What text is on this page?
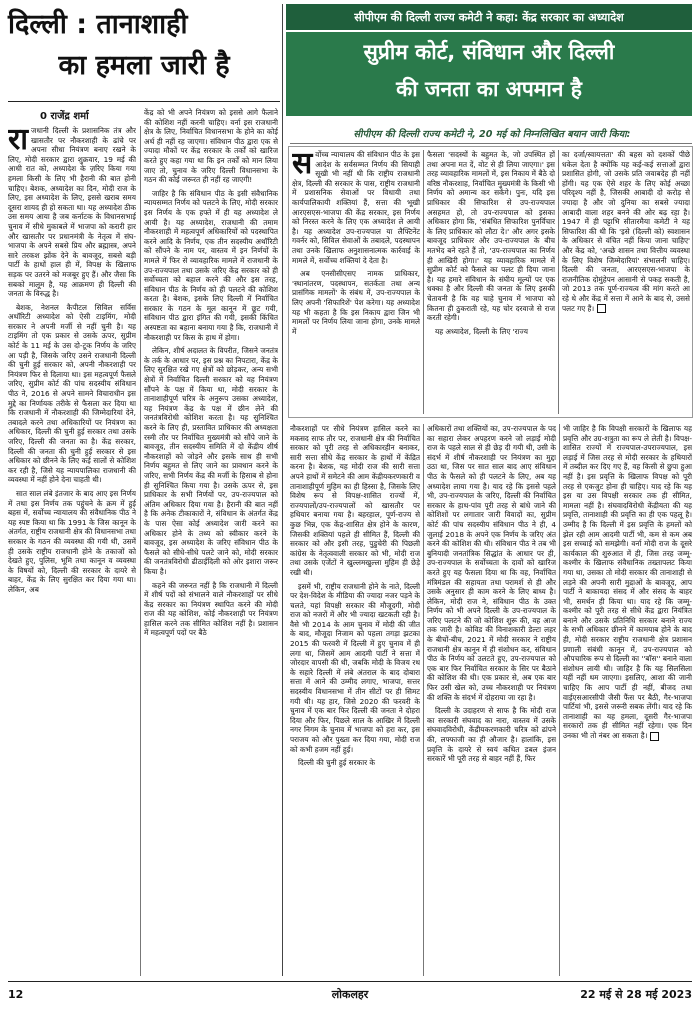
दिल्ली : तानाशाही
का हमला जारी है
सीपीएम की दिल्ली राज्य कमेटी ने कहा: केंद्र सरकार का अध्यादेश
सुप्रीम कोर्ट, संविधान और दिल्ली
की जनता का अपमान है
सीपीएम की दिल्ली राज्य कमेटी ने, 20 मई को निम्नलिखित बयान जारी किया:
0 राजेंद्र शर्मा

राजधानी दिल्ली के प्रशासनिक तंत्र और खासतौर पर नौकरशाही के ढांचे पर अपना सीधा नियंत्रण बनाए रखने के लिए, मोदी सरकार द्वारा शुक्रवार, 19 मई की आधी रात को, अध्यादेश के ज़रिए किया गया हमला किसी के लिए भी हैरानी की बात होनी चाहिए। बेशक, अध्यादेश का दिन, मोदी राज के लिए, इस अध्यादेश के लिए, इससे खराब समय दूसरा शायद ही हो सकता था। यह अध्यादेश ठीक उस समय आया है जब कर्नाटक के विधानसभाई चुनाव में सीधे मुकाबले में भाजपा को करारी हार और खासतौर पर प्रधानमंत्री के नेतृत्व में संघ-भाजपा के अपने सबसे प्रिय और ब्रह्मास्त्र, अपने सारे तरकश झोंक देने के बावजूद, सबसे बड़ी पार्टी के हाथों हाल ही में, विपक्ष के खिलाफ सड़क पर उतरने को मजबूर हुए हैं। और जैसा कि सबको मालूम है, यह आक्रमण ही दिल्ली की जनता के विरुद्ध है।

बेशक, नेशनल कैपीटल सिविल सर्विस अथॉरिटी अध्यादेश को ऐसी टाइमिंग, मोदी सरकार ने अपनी मर्जी से नहीं चुनी है। यह टाइमिंग तो एक प्रकार से उसके ऊपर, सुप्रीम कोर्ट के 11 मई के उस दो-टूक निर्णय के जरिए आ पड़ी है, जिसके जरिए उसने राजधानी दिल्ली की चुनी हुई सरकार को, अपनी नौकरशाही पर नियंत्रण फिर से दिलाया था। इस महत्वपूर्ण फैसले जरिए, सुप्रीम कोर्ट की पांच सदस्यीय संविधान पीठ ने, 2016 से अपने सामने विचाराधीन इस मुद्दे का निर्णायक तरीके से फैसला कर दिया था कि राजधानी में नौकरशाही की जिम्मेदारियां देने, तबादले करने तथा अधिकारियों पर नियंत्रण का अधिकार, दिल्ली की चुनी हुई सरकार तथा उसके जरिए, दिल्ली की जनता का है। केंद्र सरकार, दिल्ली की जनता की चुनी हुई सरकार से इस अधिकार को छीनने के लिए कई सालों से कोशिश कर रही है, जिसे यह न्यायपालिका राजधानी की व्यवस्था में नहीं होने देना चाहती थी।

सात साल लंबे इंतजार के बाद आए इस निर्णय में तथा इस निर्णय तक पहुंचने के क्रम में हुई बहस में, सर्वोच्च न्यायालय की संवैधानिक पीठ ने यह स्पष्ट किया था कि 1991 के जिस कानून के अंतर्गत, राष्ट्रीय राजधानी क्षेत्र की विधानसभा तथा सरकार के गठन की व्यवस्था की गयी थी, उसमें ही उसके राष्ट्रीय राजधानी होने के तकाजों को देखते हुए, पुलिस, भूमि तथा कानून व व्यवस्था के विषयों को, दिल्ली की सरकार के दायरे से बाहर, केंद्र के लिए सुरक्षित कर दिया गया था। लेकिन, अब

केंद्र को भी अपने नियंत्रण को इससे आगे फैलाने की कोशिश नहीं करनी चाहिए। वर्ना इस राजधानी क्षेत्र के लिए, निर्वाचित विधानसभा के होने का कोई अर्थ ही नहीं रह जाएगा। संविधान पीठ द्वारा एक से ज्यादा मौकों पर केंद्र सरकार के तर्कों को खारिज करते हुए कहा गया था कि इन तर्कों को मान लिया जाए तो, चुनाव के जरिए दिल्ली विधानसभा के गठन की कोई जरूरत ही नहीं रह जाएगी!

जाहिर है कि संविधान पीठ के इसी संवैधानिक न्यायसम्मत निर्णय को पलटने के लिए, मोदी सरकार इस निर्णय के एक हफ्ते में ही यह अध्यादेश ले आयी है। यह अध्यादेश, राजधानी की तमाम नौकरशाही में महत्वपूर्ण अधिकारियों को पदस्थापित करने आदि के निर्णय, एक तीन सदस्यीय अथॉरिटी को सौंपने के नाम पर, वास्तव में इन निर्णयों के मामले में फिर से व्यावहारिक मामले में राजधानी के उप-राज्यपाल तथा उसके जरिए केंद्र सरकार को ही सर्वोच्चता को बहाल करने की और इस तरह, संविधान पीठ के निर्णय को ही पलटने की कोशिश करता है। बेशक, इसके लिए दिल्ली में निर्वाचित सरकार के गठन के मूल कानून में छूट गयी, संविधान पीठ द्वारा इंगित की गयी, इसकी किंचित अस्पष्टता का बहाना बनाया गया है कि, राजधानी में नौकरशाही पर किस के हाथ में होगा।

लेकिन, शीर्ष अदालत के विपरीत, जिसने जनतंत्र के तर्क के आधार पर, इस प्रश्न का निपटारा, केंद्र के लिए सुरक्षित रखे गए क्षेत्रों को छोड़कर, अन्य सभी क्षेत्रों में निर्वाचित दिल्ली सरकार को यह नियंत्रण सौंपने के पक्ष में किया था, मोदी सरकार के तानाशाहीपूर्ण चरित्र के अनुरूप उसका अध्यादेश, यह नियंत्रण केंद्र के पक्ष में छीन लेने की जनतंत्रविरोधी कोशिश करता है। यह सुनिश्चित करने के लिए ही, प्रस्तावित प्राधिकार की अध्यक्षता रस्मी तौर पर निर्वाचित मुख्यमंत्री को सौंपे जाने के बावजूद, तीन सदस्यीय समिति में दो केंद्रीय शीर्ष नौकरशाहों को जोड़ने और इसके साथ ही सभी निर्णय बहुमत से लिए जाने का प्रावधान करने के जरिए, सभी निर्णय केंद्र की मर्जी के हिसाब से होना ही सुनिश्चित किया गया है। उसके ऊपर से, इस प्राधिकार के सभी निर्णयों पर, उप-राज्यपाल को अंतिम अधिकार दिया गया है। हैरानी की बात नहीं है कि अनेक टीकाकारों ने, संविधान के अंतर्गत केंद्र के पास ऐसा कोई अध्यादेश जारी करने का अधिकार होने के तथ्य को स्वीकार करने के बावजूद, इस अध्यादेश के जरिए संविधान पीठ के फैसले को सीधे-सीधे पलटे जाने को, मोदी सरकार की जनतंत्रविरोधी ढीठाईदिली को ओर इशारा जरूर किया है।

कहने की जरूरत नहीं है कि राजधानी में दिल्ली में शीर्ष पदों को संभालने वाले नौकरशाहों पर सीधे केंद्र सरकार का नियंत्रण स्थापित करने की मोदी राज की यह कोशिश, कोई नौकरशाही पर नियंत्रण हासिल करने तक सीमित कोशिश नहीं है। प्रशासन में महत्वपूर्ण पदों पर बैठे

सर्वोच्च न्यायालय की संविधान पीठ के इस आदेश के सर्वसम्मत निर्णय की सियाही सूखी भी नहीं थी कि राष्ट्रीय राजधानी क्षेत्र, दिल्ली की सरकार के पास, राष्ट्रीय राजधानी में प्रशासनिक सेवाओं पर विधायी तथा कार्यपालिकायी शक्तियां हैं, सत्ता की भूखी आरएसएस-भाजपा की केंद्र सरकार, इस निर्णय को निरस्त करने के लिए एक अध्यादेश ले आयी है। यह अध्यादेश उप-राज्यपाल या लैफ्टिनेंट गवर्नर को, सिविल सेवाओं के तबादले, पदस्थापन तथा उनके खिलाफ अनुशासनात्मक कार्रवाई के मामले में, सर्वोच्च शक्तियां दे देता है।

अब एनसीसीएसए नामक प्राधिकार, 'स्थानांतरण, पदस्थापन, सतर्कता तथा अन्य प्रासंगिक मामलों' के संबंध में, उप-राज्यपाल के लिए अपनी 'सिफारिशें' पेश करेगा। यह अध्यादेश यह भी कहता है कि इस निकाय द्वारा जिन भी मामलों पर निर्णय लिया जाना होगा, उनके मामले में

फैसला 'सदस्यों के बहुमत के, जो उपस्थित हों तथा अपना मत दें, वोट से ही लिया जाएगा।' इस तरह व्यावहारिक मामलों में, इस निकाय में बैठे दो वरिष्ठ नौकरशाह, निर्वाचित मुख्यमंत्री के किसी भी निर्णय को अमान्य कर सकेंगे। पुनः, यदि इस प्राधिकार की सिफारिश से उप-राज्यपाल असहमत हो, तो उप-राज्यपाल को इसका अधिकार होगा कि, 'संबंधित सिफारिश पुनर्विचार के लिए प्राधिकार को लौटा दे।' और अगर इसके बावजूद प्राधिकार और उप-राज्यपाल के बीच मतभेद बने रहते हैं तो, 'उप-राज्यपाल का निर्णय ही आखिरी होगा।' यह व्यावहारिक मामले में सुप्रीम कोर्ट को फैसले का पलट ही दिया जाना है। यह हमारे संविधान के संघीय मूल्यों पर एक धक्का है और दिल्ली की जनता के लिए इसकी चेतावनी है कि वह चाहे चुनाव में भाजपा को कितना ही ठुकराती रहे, यह चोर दरवाजे से राज करती रहेगी।

यह अध्यादेश, दिल्ली के लिए 'राज्य

का दर्जा/स्वायत्तता' की बहस को दशकों पीछे धकेल देता है क्योंकि यह कई-कई सत्ताओं द्वारा प्रशासित होगी, जो उसके प्रति जवाबदेह ही नहीं होंगी। यह एक ऐसे शहर के लिए कोई अच्छा परिदृश्य नहीं है, जिसकी आबादी दो करोड़ से ज्यादा है और जो दुनिया का सबसे ज्यादा आबादी वाला शहर बनने की ओर बढ़ रहा है। 1947 में ही पट्टाभि सीतारमैया कमेटी ने यह सिफारिश की थी कि 'इसे (दिल्ली को) स्वशासन के अधिकार से वंचित नहीं किया जाना चाहिए' और केंद्र को, 'अच्छे शासन तथा वित्तीय व्यवस्था के लिए विशेष जिम्मेदारियां' संभालनी चाहिए। दिल्ली की जनता, आरएसएस-भाजपा के राजनीतिक दोमुंहेपन आसानी से पकड़ सकती है, जो 2013 तक पूर्ण-राज्यत्व की मांग करते आ रहे थे और केंद्र में सत्ता में आने के बाद से, उससे पलट गए हैं।

नौकरशाहों पर सीधे नियंत्रण हासिल करने का मकसद साफ तौर पर, राजधानी क्षेत्र की निर्वाचित सरकार को पूरी तरह से अधिकारहीन बनाकर, सारी सत्ता सीधे केंद्र सरकार के हाथों में केंद्रित करना है। बेशक, यह मोदी राज की सारी सत्ता अपने हाथों में समेटने की आम केंद्रीयकरणकारी व तानाशाहीपूर्ण मुहिम का ही हिस्सा है, जिसके लिए विशेष रूप से विपक्ष-शासित राज्यों में, राज्यपालों/उप-राज्यपालों को खासतौर पर हथियार बनाया गया है। बहरहाल, पूर्ण-राज्य से कुछ भिन्न, एक केंद्र-शासित क्षेत्र होने के कारण, जिसकी शक्तियां पहले ही सीमित हैं, दिल्ली की सरकार को और इसी तरह, पुडुचेरी की पिछली कांग्रेस के नेतृत्ववाली सरकार को भी, मोदी राज तथा उसके एजेंटों ने खुल्लमखुल्ला मुहिम ही छेड़े रखी थी।

इसमें भी, राष्ट्रीय राजधानी होने के नाते, दिल्ली पर देश-विदेश के मीडिया की ज्यादा नजर पड़ने के चलते, यहां विपक्षी सरकार की मौजूदगी, मोदी राज को नजरों में और भी ज्यादा खटकती रही है। वैसे भी 2014 के आम चुनाव में मोदी की जीत के बाद, मौजूदा निजाम को पहला तगड़ा झटका 2015 की फरवरी में दिल्ली में हुए चुनाव में ही लगा था, जिसमें आम आदमी पार्टी ने सत्ता में जोरदार वापसी की थी, जबकि मोदी के विजय रथ के सहारे दिल्ली में लंबे अंतराल के बाद दोबारा सत्ता में आने की उम्मीद लगाए, भाजपा, सत्तर सदस्यीय विधानसभा में तीन सीटों पर ही सिमट गयी थी। यह हार, जिसे 2020 की फरवरी के चुनाव में एक बार फिर दिल्ली की जनता ने दोहरा दिया और फिर, पिछले साल के आखिर में दिल्ली नगर निगम के चुनाव में भाजपा को हरा कर, इस पराजय को और पुख्ता कर दिया गया, मोदी राज को कभी हजम नहीं हुई।

दिल्ली की चुनी हुई सरकार के

अधिकारों तथा शक्तियों का, उप-राज्यपाल के पद का सहारा लेकर अपहरण करने जो लड़ाई मोदी राज के पहले साल से ही छेड़ दी गयी थी, उसी के संदर्भ में शीर्ष नौकरशाही पर नियंत्रण का मुद्दा उठा था, जिस पर सात साल बाद आए संविधान पीठ के फैसले को ही पलटने के लिए, अब यह अध्यादेश लाया गया है। याद रहे कि इससे पहले भी, उप-राज्यपाल के जरिए, दिल्ली की निर्वाचित सरकार के हाथ-पांव पूरी तरह से बांधे जाने की कोशिशों पर लगातार जारी विवादों का, सुप्रीम कोर्ट की पांच सदस्यीय संविधान पीठ ने ही, 4 जुलाई 2018 के अपने एक निर्णय के जरिए अंत करने की कोशिश की थी। संविधान पीठ ने तब भी बुनियादी जनतांत्रिक सिद्धांत के आधार पर ही, उप-राज्यपाल के सर्वोच्चता के दावों को खारिज करते हुए यह फैसला दिया था कि वह, निर्वाचित मंत्रिमंडल की सहायता तथा परामर्श से ही और उसके अनुसार ही काम करने के लिए बाध्य है। लेकिन, मोदी राज ने, संविधान पीठ के उक्त निर्णय को भी अपने दिल्ली के उप-राज्यपाल के जरिए पलटने की जो कोशिश शुरू की, वह आज तक जारी है। कोविड की विनाशकारी डेल्टा लहर के बीचों-बीच, 2021 में मोदी सरकार ने राष्ट्रीय राजधानी क्षेत्र कानून में ही संशोधन कर, संविधान पीठ के निर्णय को उलटते हुए, उप-राज्यपाल को एक बार फिर निर्वाचित सरकार के सिर पर बैठाने की कोशिश की थी। एक प्रकार से, अब एक बार फिर उसी खेल को, उच्च नौकरशाही पर नियंत्रण की शक्ति के संदर्भ में दोहराया जा रहा है।

दिल्ली के उदाहरण से साफ है कि मोदी राज का सरकारी संघवाद का नारा, वास्तव में उसके संघवादविरोधी, केंद्रीयकरणकारी चरित्र को ढांपने की, लफ्फाजी का ही औजार है। हालांकि, इस प्रवृत्ति के दायरे से स्वयं कथित डबल इंजन सरकारें भी पूरी तरह से बाहर नहीं हैं, फिर

भी जाहिर है कि विपक्षी सरकारों के खिलाफ यह प्रवृत्ति और उग्र-शत्रुता का रूप ले लेती है। विपक्ष-शासित राज्यों में राज्यपाल-उपराज्यपाल, इस लड़ाई में जिस तरह से मोदी सरकार के हथियारों में तब्दील कर दिए गए हैं, वह किसी से छुपा हुआ नहीं है। इस प्रवृत्ति के खिलाफ विपक्ष को पूरी तरह से एकजुट होना ही चाहिए। याद रहे कि यह इस या उस विपक्षी सरकार तक ही सीमित, मामला नहीं है। संघवादविरोधी केंद्रीयता की यह प्रवृत्ति, तानाशाही की प्रवृत्ति का ही एक पहलू है। उम्मीद है कि दिल्ली में इस प्रवृत्ति के हमलों को झेल रही आम आदमी पार्टी भी, कम से कम अब इस सच्चाई को समझेगी। वर्ना मोदी राज के दूसरे कार्यकाल की शुरुआत में ही, जिस तरह जम्मू-कश्मीर के खिलाफ संवैधानिक तख्तापलट किया गया था, उसका तो मोदी सरकार की तानाशाही से लड़ने की अपनी सारी मुद्राओं के बावजूद, आप पार्टी ने बाकायदा संसद में और संसद के बाहर भी, समर्थन ही किया था। याद रहे कि जम्मू-कश्मीर को पूरी तरह से सीधे केंद्र द्वारा नियंत्रित बनाने और उसके प्रतिनिधि सरकार बनाने राज्य के सभी अधिकार छीनने में कामयाब होने के बाद ही, मोदी सरकार राष्ट्रीय राजधानी क्षेत्र प्रशासन प्रणाली संबंधी कानून में, उप-राज्यपाल को औपचारिक रूप से दिल्ली का ''बॉस'' बनाने वाला संशोधन लायी थी। जाहिर है कि यह सिलसिला यहीं नहीं थम जाएगा। इसलिए, आशा की जानी चाहिए कि आप पार्टी ही नहीं, बीजद तथा वाईएसआरसीपी जैसी फैंस पर बैठी, गैर-भाजपा पार्टियां भी, इससे जरूरी सबक लेंगी। याद रहे कि तानाशाही का यह हमला, दूसरी गैर-भाजपा सरकारों तक ही सीमित नहीं रहेगा। एक दिन उनका भी तो नंबर आ सकता है।

12	लोकलहर	22 मई से 28 मई 2023
